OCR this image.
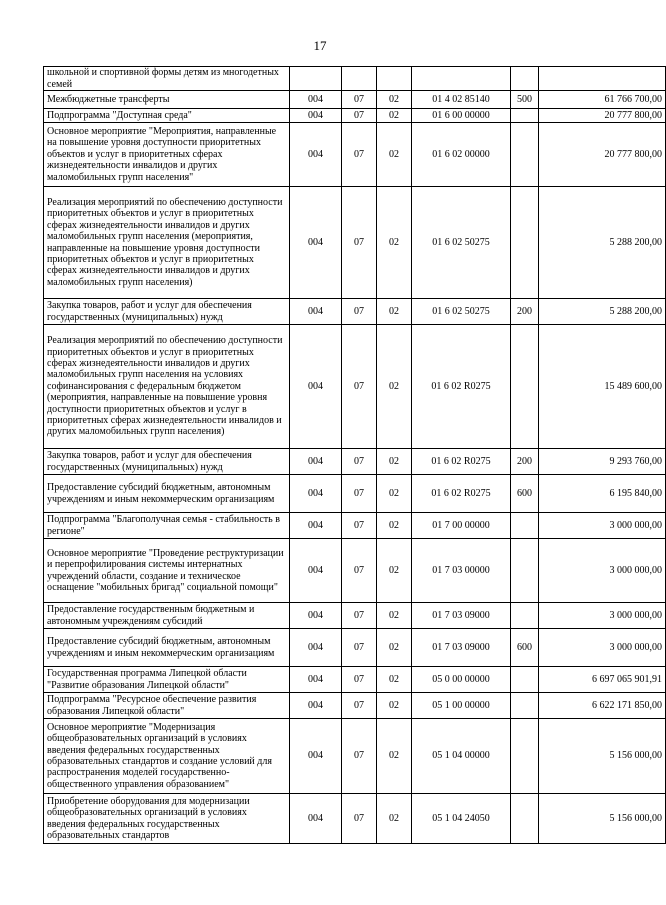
17
школьной и спортивной формы детям из многодетных семей						
Межбюджетные трансферты	004	07	02	01 4 02 85140	500	61 766 700,00
Подпрограмма "Доступная среда"	004	07	02	01 6 00 00000		20 777 800,00
Основное мероприятие "Мероприятия, направленные на повышение уровня доступности приоритетных объектов и услуг в приоритетных сферах жизнедеятельности инвалидов и других маломобильных групп населения"	004	07	02	01 6 02 00000		20 777 800,00
Реализация мероприятий по обеспечению доступности приоритетных объектов и услуг в приоритетных сферах жизнедеятельности инвалидов и других маломобильных групп населения (мероприятия, направленные на повышение уровня доступности приоритетных объектов и услуг в приоритетных сферах жизнедеятельности инвалидов и других маломобильных групп населения)	004	07	02	01 6 02 50275		5 288 200,00
Закупка товаров, работ и услуг для обеспечения государственных (муниципальных) нужд	004	07	02	01 6 02 50275	200	5 288 200,00
Реализация мероприятий по обеспечению доступности приоритетных объектов и услуг в приоритетных сферах жизнедеятельности инвалидов и других маломобильных групп населения на условиях софинансирования с федеральным бюджетом (мероприятия, направленные на повышение уровня доступности приоритетных объектов и услуг в приоритетных сферах жизнедеятельности инвалидов и других маломобильных групп населения)	004	07	02	01 6 02 R0275		15 489 600,00
Закупка товаров, работ и услуг для обеспечения государственных (муниципальных) нужд	004	07	02	01 6 02 R0275	200	9 293 760,00
Предоставление субсидий бюджетным, автономным учреждениям и иным некоммерческим организациям	004	07	02	01 6 02 R0275	600	6 195 840,00
Подпрограмма "Благополучная семья - стабильность в регионе"	004	07	02	01 7 00 00000		3 000 000,00
Основное мероприятие "Проведение реструктуризации и перепрофилирования системы интернатных учреждений области, создание и техническое оснащение "мобильных бригад" социальной помощи"	004	07	02	01 7 03 00000		3 000 000,00
Предоставление государственным бюджетным и автономным учреждениям субсидий	004	07	02	01 7 03 09000		3 000 000,00
Предоставление субсидий бюджетным, автономным учреждениям и иным некоммерческим организациям	004	07	02	01 7 03 09000	600	3 000 000,00
Государственная программа Липецкой области "Развитие образования Липецкой области"	004	07	02	05 0 00 00000		6 697 065 901,91
Подпрограмма "Ресурсное обеспечение развития образования Липецкой области"	004	07	02	05 1 00 00000		6 622 171 850,00
Основное мероприятие "Модернизация общеобразовательных организаций в условиях введения федеральных государственных образовательных стандартов и создание условий для распространения моделей государственно-общественного управления образованием"	004	07	02	05 1 04 00000		5 156 000,00
Приобретение оборудования для модернизации общеобразовательных организаций в условиях введения федеральных государственных образовательных стандартов	004	07	02	05 1 04 24050		5 156 000,00
